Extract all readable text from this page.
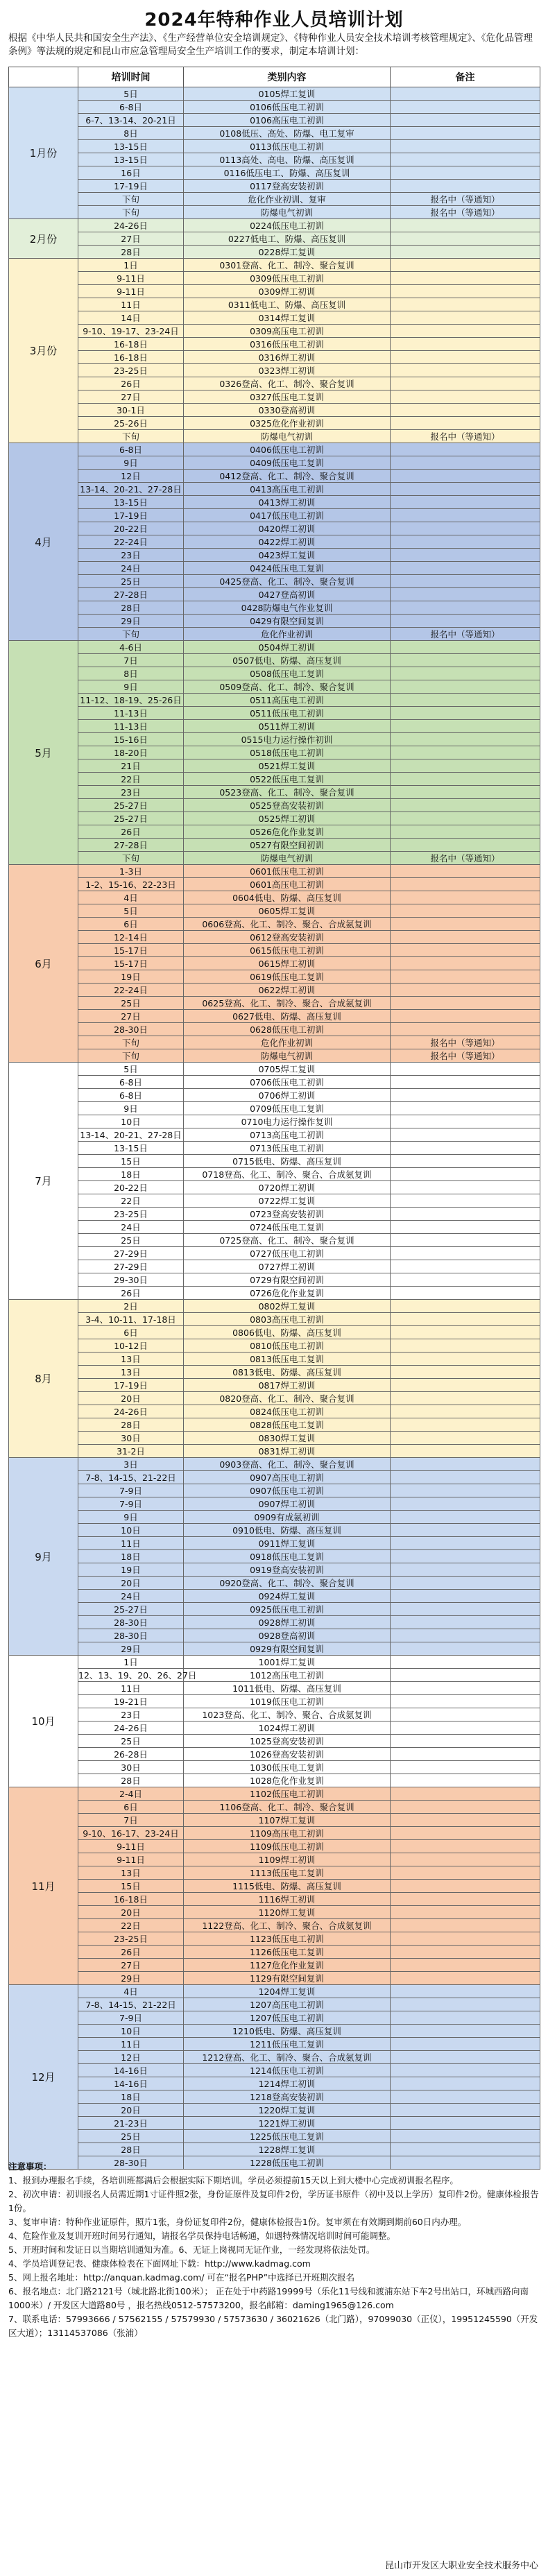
2024年特种作业人员培训计划
根据《中华人民共和国安全生产法》、《生产经营单位安全培训规定》、《特种作业人员安全技术培训考核管理规定》、《危化品管理条例》等法规的规定和昆山市应急管理局安全生产培训工作的要求，制定本培训计划：
	培训时间	类别内容	备注
1月份	5日	0105焊工复训	
	6-8日	0106低压电工初训	
	6-7、13-14、20-21日	0106高压电工初训	
	8日	0108低压、高处、防爆、电工复审	
	13-15日	0113低压电工初训	
	13-15日	0113高处、高电、防爆、高压复训	
	16日	0116低压电工、防爆、高压复训	
	17-19日	0117登高安装初训	
	下旬	危化作业初训、复审	报名中（等通知）
	下旬	防爆电气初训	报名中（等通知）
2月份	24-26日	0224低压电工初训	
	27日	0227低电工、防爆、高压复训	
	28日	0228焊工复训	
3月份	1日	0301登高、化工、制冷、聚合复训	
	9-11日	0309低压电工初训	
	9-11日	0309焊工初训	
	11日	0311低电工、防爆、高压复训	
	14日	0314焊工复训	
	9-10、19-17、23-24日	0309高压电工初训	
	16-18日	0316低压电工初训	
	16-18日	0316焊工初训	
	23-25日	0323焊工初训	
	26日	0326登高、化工、制冷、聚合复训	
	27日	0327低压电工复训	
	30-1日	0330登高初训	
	25-26日	0325危化作业初训	
	下旬	防爆电气初训	报名中（等通知）
4月	6-8日	0406低压电工初训	
	9日	0409低压电工复训	
	12日	0412登高、化工、制冷、聚合复训	
	13-14、20-21、27-28日	0413高压电工初训	
	13-15日	0413焊工初训	
	17-19日	0417低压电工初训	
	20-22日	0420焊工初训	
	22-24日	0422焊工初训	
	23日	0423焊工复训	
	24日	0424低压电工复训	
	25日	0425登高、化工、制冷、聚合复训	
	27-28日	0427登高初训	
	28日	0428防爆电气作业复训	
	29日	0429有限空间复训	
	下旬	危化作业初训	报名中（等通知）
5月	4-6日	0504焊工初训	
	7日	0507低电、防爆、高压复训	
	8日	0508低压电工复训	
	9日	0509登高、化工、制冷、聚合复训	
	11-12、18-19、25-26日	0511高压电工初训	
	11-13日	0511低压电工初训	
	11-13日	0511焊工初训	
	15-16日	0515电力运行操作初训	
	18-20日	0518低压电工初训	
	21日	0521焊工复训	
	22日	0522低压电工复训	
	23日	0523登高、化工、制冷、聚合复训	
	25-27日	0525登高安装初训	
	25-27日	0525焊工初训	
	26日	0526危化作业复训	
	27-28日	0527有限空间初训	
	下旬	防爆电气初训	报名中（等通知）
6月	1-3日	0601低压电工初训	
	1-2、15-16、22-23日	0601高压电工初训	
	4日	0604低电、防爆、高压复训	
	5日	0605焊工复训	
	6日	0606登高、化工、制冷、聚合、合成氨复训	
	12-14日	0612登高安装初训	
	15-17日	0615低压电工初训	
	15-17日	0615焊工初训	
	19日	0619低压电工复训	
	22-24日	0622焊工初训	
	25日	0625登高、化工、制冷、聚合、合成氨复训	
	27日	0627低电、防爆、高压复训	
	28-30日	0628低压电工初训	
	下旬	危化作业初训	报名中（等通知）
	下旬	防爆电气初训	报名中（等通知）
7月	5日	0705焊工复训	
	6-8日	0706低压电工初训	
	6-8日	0706焊工初训	
	9日	0709低压电工复训	
	10日	0710电力运行操作复训	
	13-14、20-21、27-28日	0713高压电工初训	
	13-15日	0713低压电工初训	
	15日	0715低电、防爆、高压复训	
	18日	0718登高、化工、制冷、聚合、合成氨复训	
	20-22日	0720焊工初训	
	22日	0722焊工复训	
	23-25日	0723登高安装初训	
	24日	0724低压电工复训	
	25日	0725登高、化工、制冷、聚合复训	
	27-29日	0727低压电工初训	
	27-29日	0727焊工初训	
	29-30日	0729有限空间初训	
	26日	0726危化作业复训	
8月	2日	0802焊工复训	
	3-4、10-11、17-18日	0803高压电工初训	
	6日	0806低电、防爆、高压复训	
	10-12日	0810低压电工初训	
	13日	0813低压电工复训	
	13日	0813低电、防爆、高压复训	
	17-19日	0817焊工初训	
	20日	0820登高、化工、制冷、聚合复训	
	24-26日	0824低压电工初训	
	28日	0828低压电工复训	
	30日	0830焊工复训	
	31-2日	0831焊工初训	
9月	3日	0903登高、化工、制冷、聚合复训	
	7-8、14-15、21-22日	0907高压电工初训	
	7-9日	0907低压电工初训	
	7-9日	0907焊工初训	
	9日	0909有成氨初训	
	10日	0910低电、防爆、高压复训	
	11日	0911焊工复训	
	18日	0918低压电工复训	
	19日	0919登高安装初训	
	20日	0920登高、化工、制冷、聚合复训	
	24日	0924焊工复训	
	25-27日	0925低压电工初训	
	28-30日	0928焊工初训	
	28-30日	0928登高初训	
	29日	0929有限空间复训	
10月	1日	1001焊工复训	
	12、13、19、20、26、27日	1012高压电工初训	
	11日	1011低电、防爆、高压复训	
	19-21日	1019低压电工初训	
	23日	1023登高、化工、制冷、聚合、合成氨复训	
	24-26日	1024焊工初训	
	25日	1025登高安装初训	
	26-28日	1026登高安装初训	
	30日	1030低压电工复训	
	28日	1028危化作业复训	
11月	2-4日	1102低压电工初训	
	6日	1106登高、化工、制冷、聚合复训	
	7日	1107焊工复训	
	9-10、16-17、23-24日	1109高压电工初训	
	9-11日	1109低压电工初训	
	9-11日	1109焊工初训	
	13日	1113低压电工复训	
	15日	1115低电、防爆、高压复训	
	16-18日	1116焊工初训	
	20日	1120焊工复训	
	22日	1122登高、化工、制冷、聚合、合成氨复训	
	23-25日	1123低压电工初训	
	26日	1126低压电工复训	
	27日	1127危化作业复训	
	29日	1129有限空间复训	
12月	4日	1204焊工复训	
	7-8、14-15、21-22日	1207高压电工初训	
	7-9日	1207低压电工初训	
	10日	1210低电、防爆、高压复训	
	11日	1211低压电工复训	
	12日	1212登高、化工、制冷、聚合、合成氨复训	
	14-16日	1214低压电工初训	
	14-16日	1214焊工初训	
	18日	1218登高安装初训	
	20日	1220焊工复训	
	21-23日	1221焊工初训	
	25日	1225低压电工复训	
	28日	1228焊工复训	
	28-30日	1228低压电工初训	
注意事项：
1、报到办理报名手续，各培训班都满后会根据实际下期培训。学员必须提前15天以上到大楼中心完成初训报名程序。
2、初次申请：初训报名人员需近期1寸证件照2张，身份证原件及复印件2份，学历证书原件（初中及以上学历）复印件2份。健康体检报告1份。
3、复审申请：特种作业证原件，照片1张，身份证复印件2份，健康体检报告1份。复审须在有效期到期前60日内办理。
4、危险作业及复训开班时间另行通知，请报名学员保持电话畅通，如遇特殊情况培训时间可能调整。
5、开班时间和发证日以当期培训通知为准。6、无证上岗视同无证作业，一经发现将依法处罚。
4、学员培训登记表、健康体检表在下面网址下载：http://www.kadmag.com
5、网上报名地址：http://anquan.kadmag.com/ 可在“报名PHP”中选择已开班期次报名
6、报名地点：北门路2121号（城北路北街100米）； 正在处于中药路19999号（乐化11号线和渡浦东站下车2号出站口，环城西路向南1000米）/ 开发区大道路80号 ，报名热线0512-57573200，报名邮箱：daming1965@126.com
7、联系电话：57993666 / 57562155 / 57579930 / 57573630 / 36021626（北门路），97099030（正仪），19951245590（开发区大道）；13114537086（张浦）
昆山市开发区大职业安全技术服务中心
